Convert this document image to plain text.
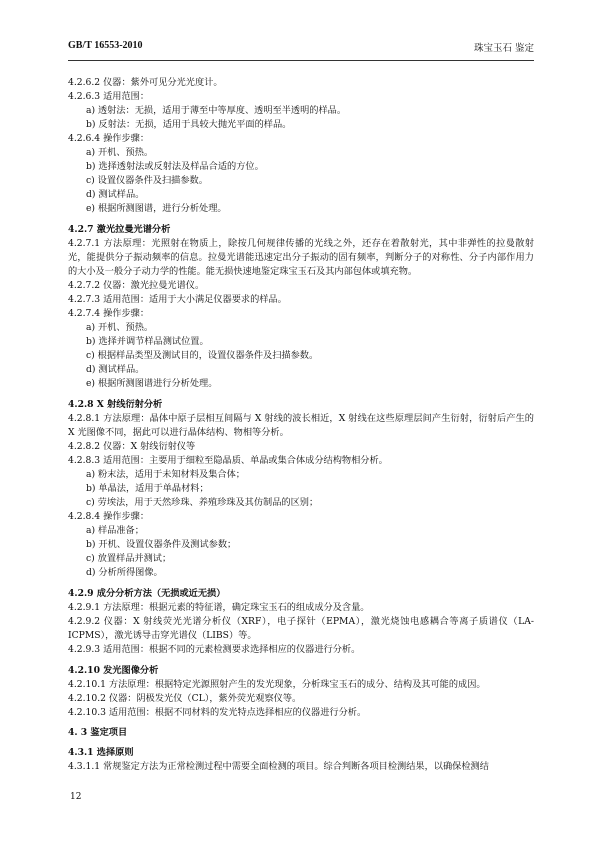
GB/T 16553-2010	珠宝玉石 鉴定

4.2.6.2 仪器：紫外可见分光光度计。

4.2.6.3 适用范围：

a) 透射法：无损，适用于薄至中等厚度、透明至半透明的样品。

b) 反射法：无损，适用于具较大抛光平面的样品。

4.2.6.4 操作步骤：

a) 开机、预热。

b) 选择透射法或反射法及样品合适的方位。

c) 设置仪器条件及扫描参数。

d) 测试样品。

e) 根据所测图谱，进行分析处理。

4.2.7 激光拉曼光谱分析

4.2.7.1 方法原理：光照射在物质上，除按几何规律传播的光线之外，还存在着散射光，其中非弹性的拉曼散射光，能提供分子振动频率的信息。拉曼光谱能迅速定出分子振动的固有频率，判断分子的对称性、分子内部作用力的大小及一般分子动力学的性能。能无损快速地鉴定珠宝玉石及其内部包体或填充物。

4.2.7.2 仪器：激光拉曼光谱仪。

4.2.7.3 适用范围：适用于大小满足仪器要求的样品。

4.2.7.4 操作步骤：

a) 开机、预热。

b) 选择并调节样品测试位置。

c) 根据样品类型及测试目的，设置仪器条件及扫描参数。

d) 测试样品。

e) 根据所测图谱进行分析处理。

4.2.8 X 射线衍射分析

4.2.8.1 方法原理：晶体中原子层相互间隔与 X 射线的波长相近，X 射线在这些原理层间产生衍射，衍射后产生的 X 光图像不同，据此可以进行晶体结构、物相等分析。

4.2.8.2 仪器：X 射线衍射仪等

4.2.8.3 适用范围：主要用于细粒至隐晶质、单晶或集合体成分结构物相分析。

a) 粉末法，适用于未知材料及集合体；

b) 单晶法，适用于单晶材料；

c) 劳埃法，用于天然珍珠、养殖珍珠及其仿制品的区别；

4.2.8.4 操作步骤：

a) 样品准备；

b) 开机、设置仪器条件及测试参数；

c) 放置样品并测试；

d) 分析所得图像。

4.2.9 成分分析方法（无损或近无损）

4.2.9.1 方法原理：根据元素的特征谱，确定珠宝玉石的组成成分及含量。

4.2.9.2 仪器：X 射线荧光光谱分析仪（XRF），电子探针（EPMA），激光烧蚀电感耦合等离子质谱仪（LA-ICPMS），激光诱导击穿光谱仪（LIBS）等。

4.2.9.3 适用范围：根据不同的元素检测要求选择相应的仪器进行分析。

4.2.10 发光图像分析

4.2.10.1 方法原理：根据特定光源照射产生的发光现象，分析珠宝玉石的成分、结构及其可能的成因。

4.2.10.2 仪器：阴极发光仪（CL），紫外荧光观察仪等。

4.2.10.3 适用范围：根据不同材料的发光特点选择相应的仪器进行分析。

4. 3 鉴定项目

4.3.1 选择原则

4.3.1.1 常规鉴定方法为正常检测过程中需要全面检测的项目。综合判断各项目检测结果，以确保检测结

12
